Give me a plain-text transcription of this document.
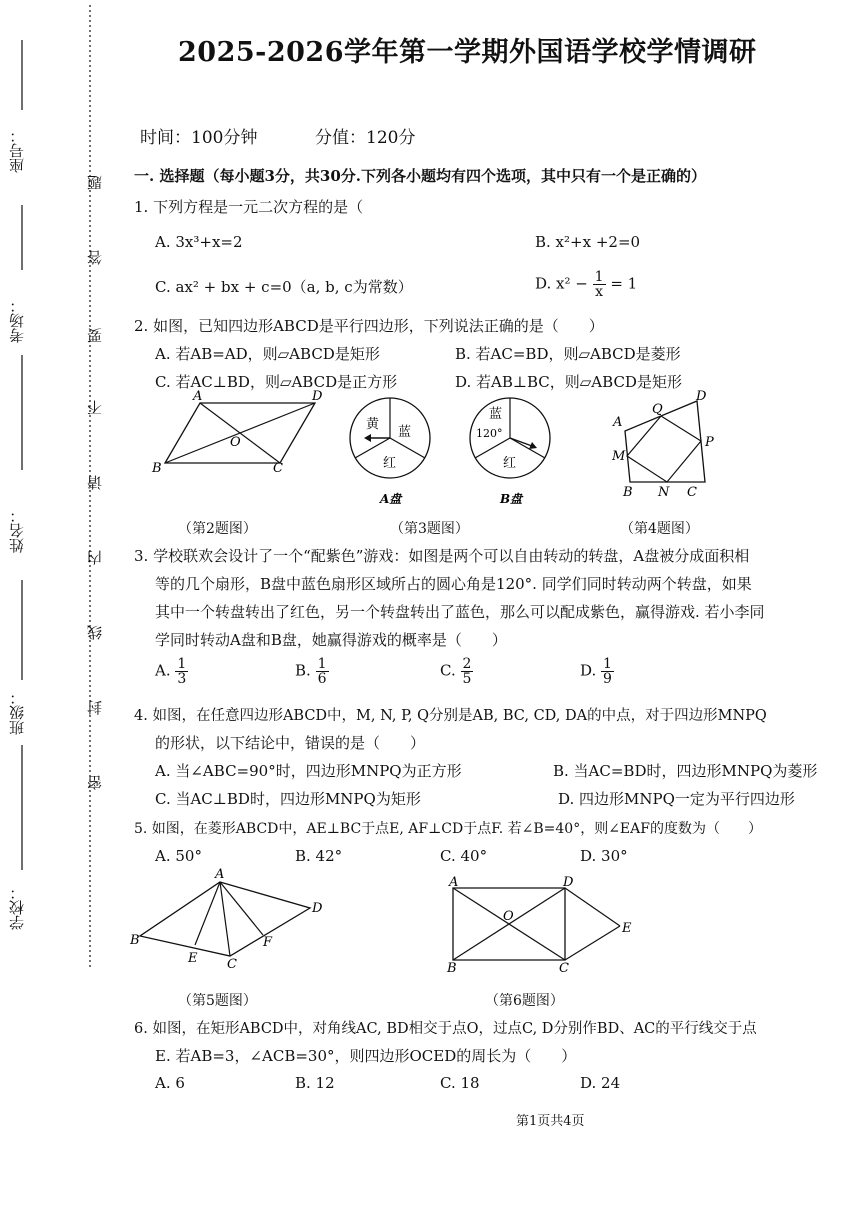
座号：
考场：
姓名：
班级：
学校：
题
答
要
不
请
内
线
封
密
2025-2026学年第一学期外国语学校学情调研
时间：100分钟	分值：120分
一. 选择题（每小题3分，共30分.下列各小题均有四个选项，其中只有一个是正确的）
1. 下列方程是一元二次方程的是（
A. 3x³+x=2	B. x²+x +2=0
C. ax² + bx + c=0（a, b, c为常数）	D. $x^2 - \frac{1}{x} = 1$
2. 如图，已知四边形ABCD是平行四边形，下列说法正确的是（　　）
A. 若AB=AD，则▱ABCD是矩形	B. 若AC=BD，则▱ABCD是菱形
C. 若AC⊥BD，则▱ABCD是正方形	D. 若AB⊥BC，则▱ABCD是矩形
A	D
O
B	C
黄
蓝
红
A盘
蓝
120°
红
B盘
A
Q
D
P
M
B N C
（第2题图）	（第3题图）	（第4题图）
3. 学校联欢会设计了一个“配紫色”游戏：如图是两个可以自由转动的转盘，A盘被分成面积相
等的几个扇形，B盘中蓝色扇形区域所占的圆心角是120°. 同学们同时转动两个转盘，如果
其中一个转盘转出了红色，另一个转盘转出了蓝色，那么可以配成紫色，赢得游戏. 若小李同
学同时转动A盘和B盘，她赢得游戏的概率是（　　）
A. $\frac{1}{3}$	B. $\frac{1}{6}$	C. $\frac{2}{5}$	D. $\frac{1}{9}$
4. 如图，在任意四边形ABCD中，M, N, P, Q分别是AB, BC, CD, DA的中点，对于四边形MNPQ
的形状，以下结论中，错误的是（　　）
A. 当∠ABC=90°时，四边形MNPQ为正方形	B. 当AC=BD时，四边形MNPQ为菱形
C. 当AC⊥BD时，四边形MNPQ为矩形	D. 四边形MNPQ一定为平行四边形
5. 如图，在菱形ABCD中，AE⊥BC于点E, AF⊥CD于点F. 若∠B=40°，则∠EAF的度数为（　　）
A. 50°	B. 42°	C. 40°	D. 30°
A
D
B
E C
F
A	D
O
E
B	C
（第5题图）	（第6题图）
6. 如图，在矩形ABCD中，对角线AC, BD相交于点O，过点C, D分别作BD、AC的平行线交于点
E. 若AB=3，∠ACB=30°，则四边形OCED的周长为（　　）
A. 6	B. 12	C. 18	D. 24
第1页共4页
